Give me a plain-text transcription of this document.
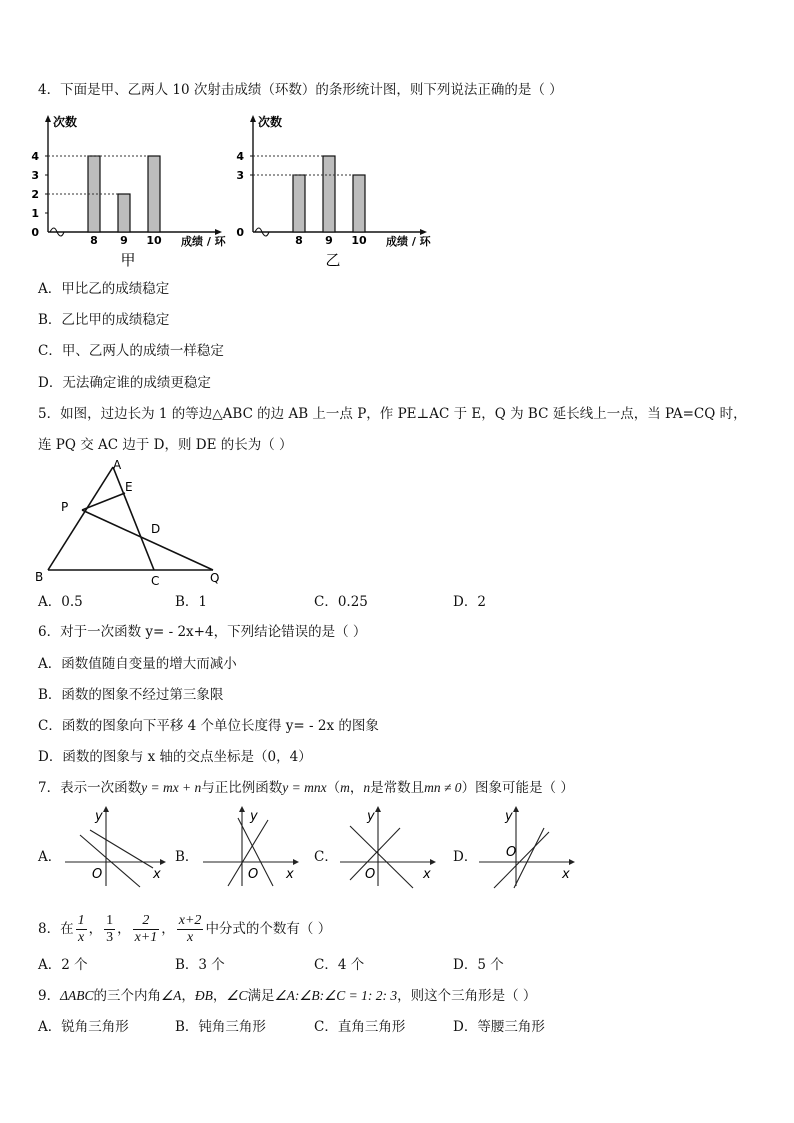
4．下面是甲、乙两人 10 次射击成绩（环数）的条形统计图，则下列说法正确的是（ ）
次数
0
1
2
3
4
8 9 10 成绩 / 环
甲
次数
0
3
4
8 9 10 成绩 / 环
乙
A．甲比乙的成绩稳定
B．乙比甲的成绩稳定
C．甲、乙两人的成绩一样稳定
D．无法确定谁的成绩更稳定
5．如图，过边长为 1 的等边△ABC 的边 AB 上一点 P，作 PE⊥AC 于 E，Q 为 BC 延长线上一点，当 PA=CQ 时，
连 PQ 交 AC 边于 D，则 DE 的长为（ ）
A
E
P
D
B	C	Q
A．0.5	B．1	C．0.25	D．2
6．对于一次函数 y= - 2x+4，下列结论错误的是（ ）
A．函数值随自变量的增大而减小
B．函数的图象不经过第三象限
C．函数的图象向下平移 4 个单位长度得 y= - 2x 的图象
D．函数的图象与 x 轴的交点坐标是（0，4）
7．表示一次函数y = mx + n与正比例函数y = mnx（m，n是常数且mn ≠ 0）图象可能是（ ）
A．	B．	C．	D．
x
y
O	x
y
O	x
y
O	x
y
O
8．在 $\frac{1}{x}$ ， $\frac{1}{3}$ ， $\frac{2}{x+1}$ ， $\frac{x+2}{x}$ 中分式的个数有（ ）
A．2 个	B．3 个	C．4 个	D．5 个
9．ΔABC的三个内角∠A，ÐB，∠C满足∠A:∠B:∠C = 1: 2: 3，则这个三角形是（ ）
A．锐角三角形	B．钝角三角形	C．直角三角形	D．等腰三角形
